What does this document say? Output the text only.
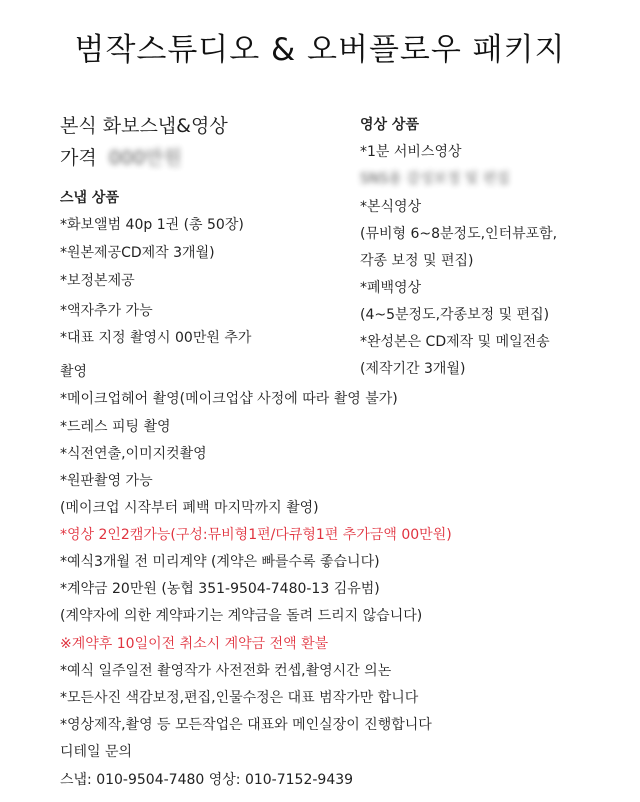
범작스튜디오 & 오버플로우 패키지
본식 화보스냅&영상
가격 000만원
스냅 상품
*화보앨범 40p 1권 (총 50장)
*원본제공CD제작 3개월)
*보정본제공
*액자추가 가능
*대표 지정 촬영시 00만원 추가
영상 상품
*1분 서비스영상
SNS용 감성보정 및 편집
*본식영상
(뮤비형 6~8분정도,인터뷰포함,
각종 보정 및 편집)
*폐백영상
(4~5분정도,각종보정 및 편집)
*완성본은 CD제작 및 메일전송
(제작기간 3개월)
촬영
*메이크업헤어 촬영(메이크업샵 사정에 따라 촬영 불가)
*드레스 피팅 촬영
*식전연출,이미지컷촬영
*원판촬영 가능
(메이크업 시작부터 폐백 마지막까지 촬영)
*영상 2인2캠가능(구성:뮤비형1편/다큐형1편 추가금액 00만원)
*예식3개월 전 미리계약 (계약은 빠를수록 좋습니다)
*계약금 20만원 (농협 351-9504-7480-13 김유범)
(계약자에 의한 계약파기는 계약금을 돌려 드리지 않습니다)
※계약후 10일이전 취소시 계약금 전액 환불
*예식 일주일전 촬영작가 사전전화 컨셉,촬영시간 의논
*모든사진 색감보정,편집,인물수정은 대표 범작가만 합니다
*영상제작,촬영 등 모든작업은 대표와 메인실장이 진행합니다
디테일 문의
스냅: 010-9504-7480 영상: 010-7152-9439
